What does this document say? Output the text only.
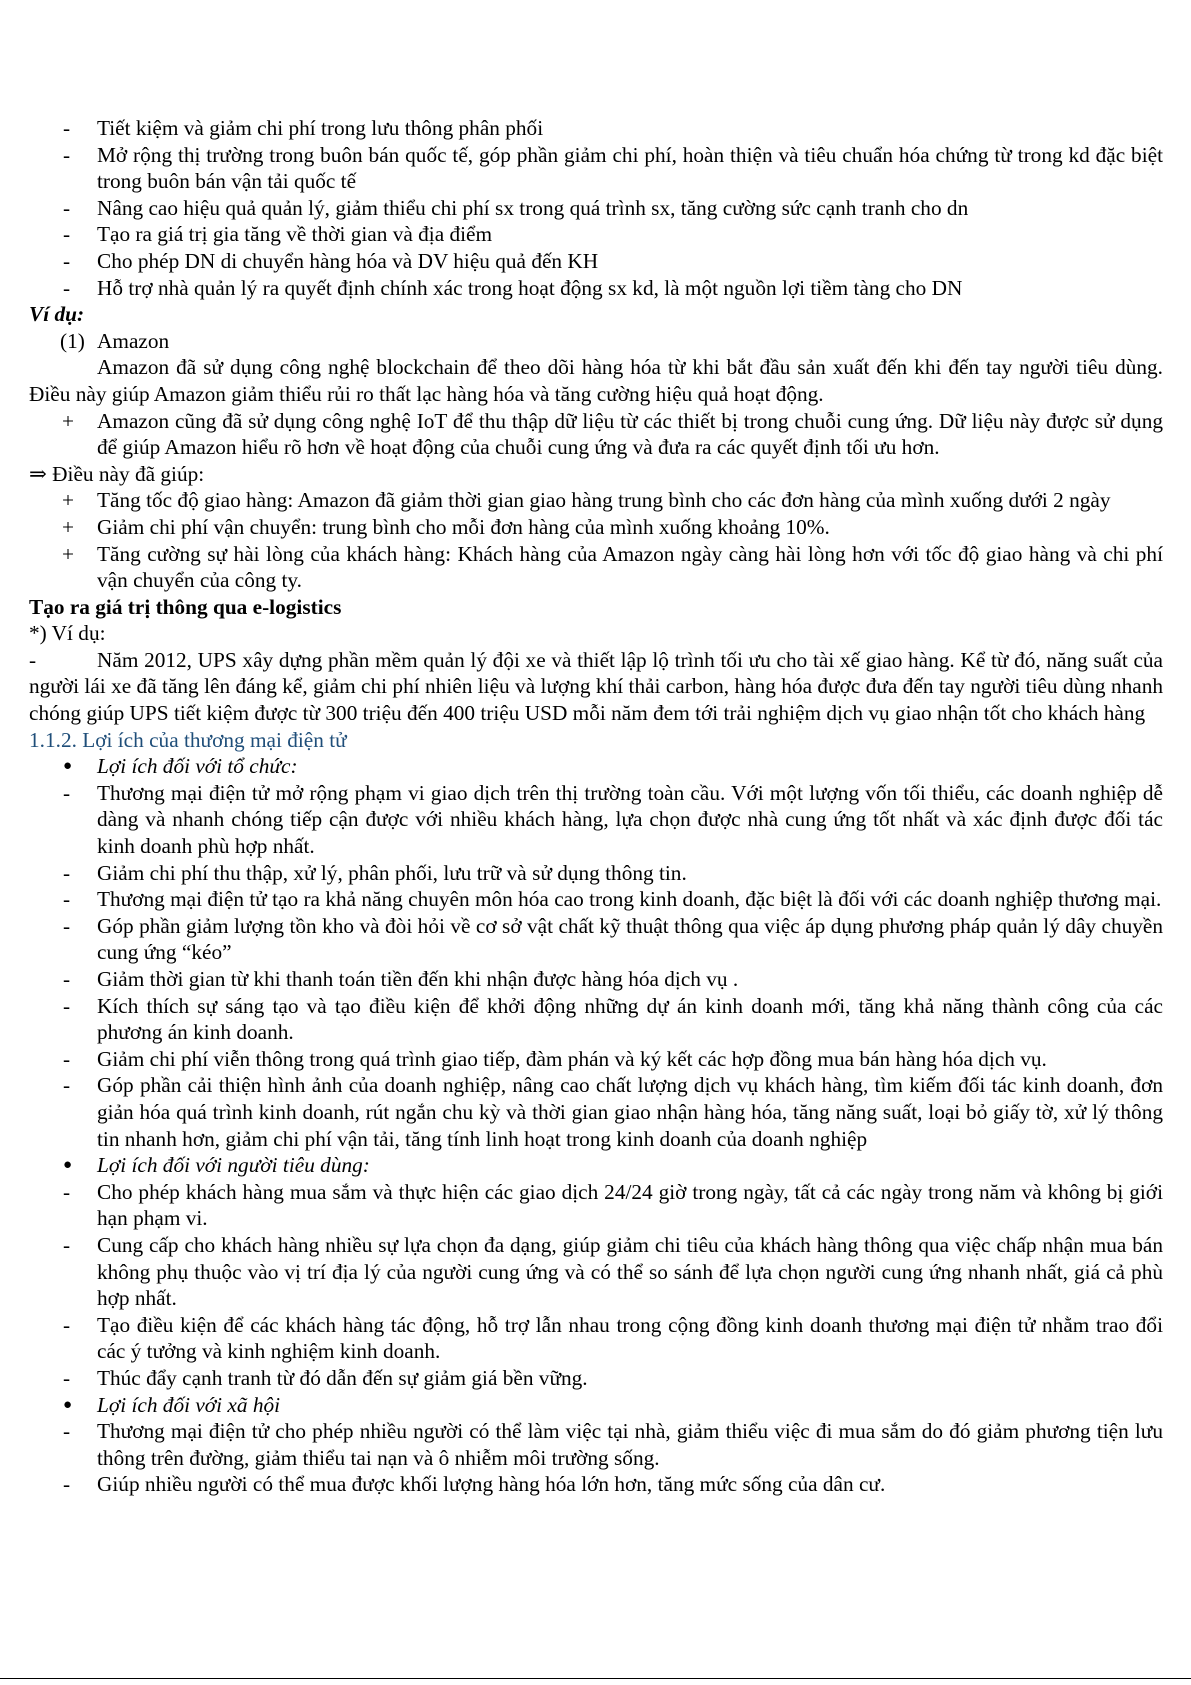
- Tiết kiệm và giảm chi phí trong lưu thông phân phối

- Mở rộng thị trường trong buôn bán quốc tế, góp phần giảm chi phí, hoàn thiện và tiêu chuẩn hóa chứng từ trong kd đặc biệt trong buôn bán vận tải quốc tế

- Nâng cao hiệu quả quản lý, giảm thiểu chi phí sx trong quá trình sx, tăng cường sức cạnh tranh cho dn

- Tạo ra giá trị gia tăng về thời gian và địa điểm

- Cho phép DN di chuyển hàng hóa và DV hiệu quả đến KH

- Hỗ trợ nhà quản lý ra quyết định chính xác trong hoạt động sx kd, là một nguồn lợi tiềm tàng cho DN

Ví dụ:

(1) Amazon

Amazon đã sử dụng công nghệ blockchain để theo dõi hàng hóa từ khi bắt đầu sản xuất đến khi đến tay người tiêu dùng. Điều này giúp Amazon giảm thiểu rủi ro thất lạc hàng hóa và tăng cường hiệu quả hoạt động.

+ Amazon cũng đã sử dụng công nghệ IoT để thu thập dữ liệu từ các thiết bị trong chuỗi cung ứng. Dữ liệu này được sử dụng để giúp Amazon hiểu rõ hơn về hoạt động của chuỗi cung ứng và đưa ra các quyết định tối ưu hơn.

⇒ Điều này đã giúp:

+ Tăng tốc độ giao hàng: Amazon đã giảm thời gian giao hàng trung bình cho các đơn hàng của mình xuống dưới 2 ngày

+ Giảm chi phí vận chuyển: trung bình cho mỗi đơn hàng của mình xuống khoảng 10%.

+ Tăng cường sự hài lòng của khách hàng: Khách hàng của Amazon ngày càng hài lòng hơn với tốc độ giao hàng và chi phí vận chuyển của công ty.

Tạo ra giá trị thông qua e-logistics

*) Ví dụ:

-	Năm 2012, UPS xây dựng phần mềm quản lý đội xe và thiết lập lộ trình tối ưu cho tài xế giao hàng. Kể từ đó, năng suất của người lái xe đã tăng lên đáng kể, giảm chi phí nhiên liệu và lượng khí thải carbon, hàng hóa được đưa đến tay người tiêu dùng nhanh chóng giúp UPS tiết kiệm được từ 300 triệu đến 400 triệu USD mỗi năm đem tới trải nghiệm dịch vụ giao nhận tốt cho khách hàng

1.1.2. Lợi ích của thương mại điện tử

● Lợi ích đối với tổ chức:

- Thương mại điện tử mở rộng phạm vi giao dịch trên thị trường toàn cầu. Với một lượng vốn tối thiểu, các doanh nghiệp dễ dàng và nhanh chóng tiếp cận được với nhiều khách hàng, lựa chọn được nhà cung ứng tốt nhất và xác định được đối tác kinh doanh phù hợp nhất.

- Giảm chi phí thu thập, xử lý, phân phối, lưu trữ và sử dụng thông tin.

- Thương mại điện tử tạo ra khả năng chuyên môn hóa cao trong kinh doanh, đặc biệt là đối với các doanh nghiệp thương mại.

- Góp phần giảm lượng tồn kho và đòi hỏi về cơ sở vật chất kỹ thuật thông qua việc áp dụng phương pháp quản lý dây chuyền cung ứng “kéo”

- Giảm thời gian từ khi thanh toán tiền đến khi nhận được hàng hóa dịch vụ .

- Kích thích sự sáng tạo và tạo điều kiện để khởi động những dự án kinh doanh mới, tăng khả năng thành công của các phương án kinh doanh.

- Giảm chi phí viễn thông trong quá trình giao tiếp, đàm phán và ký kết các hợp đồng mua bán hàng hóa dịch vụ.

- Góp phần cải thiện hình ảnh của doanh nghiệp, nâng cao chất lượng dịch vụ khách hàng, tìm kiếm đối tác kinh doanh, đơn giản hóa quá trình kinh doanh, rút ngắn chu kỳ và thời gian giao nhận hàng hóa, tăng năng suất, loại bỏ giấy tờ, xử lý thông tin nhanh hơn, giảm chi phí vận tải, tăng tính linh hoạt trong kinh doanh của doanh nghiệp

● Lợi ích đối với người tiêu dùng:

- Cho phép khách hàng mua sắm và thực hiện các giao dịch 24/24 giờ trong ngày, tất cả các ngày trong năm và không bị giới hạn phạm vi.

- Cung cấp cho khách hàng nhiều sự lựa chọn đa dạng, giúp giảm chi tiêu của khách hàng thông qua việc chấp nhận mua bán không phụ thuộc vào vị trí địa lý của người cung ứng và có thể so sánh để lựa chọn người cung ứng nhanh nhất, giá cả phù hợp nhất.

- Tạo điều kiện để các khách hàng tác động, hỗ trợ lẫn nhau trong cộng đồng kinh doanh thương mại điện tử nhằm trao đổi các ý tưởng và kinh nghiệm kinh doanh.

- Thúc đẩy cạnh tranh từ đó dẫn đến sự giảm giá bền vững.

● Lợi ích đối với xã hội

- Thương mại điện tử cho phép nhiều người có thể làm việc tại nhà, giảm thiểu việc đi mua sắm do đó giảm phương tiện lưu thông trên đường, giảm thiểu tai nạn và ô nhiễm môi trường sống.

- Giúp nhiều người có thể mua được khối lượng hàng hóa lớn hơn, tăng mức sống của dân cư.
